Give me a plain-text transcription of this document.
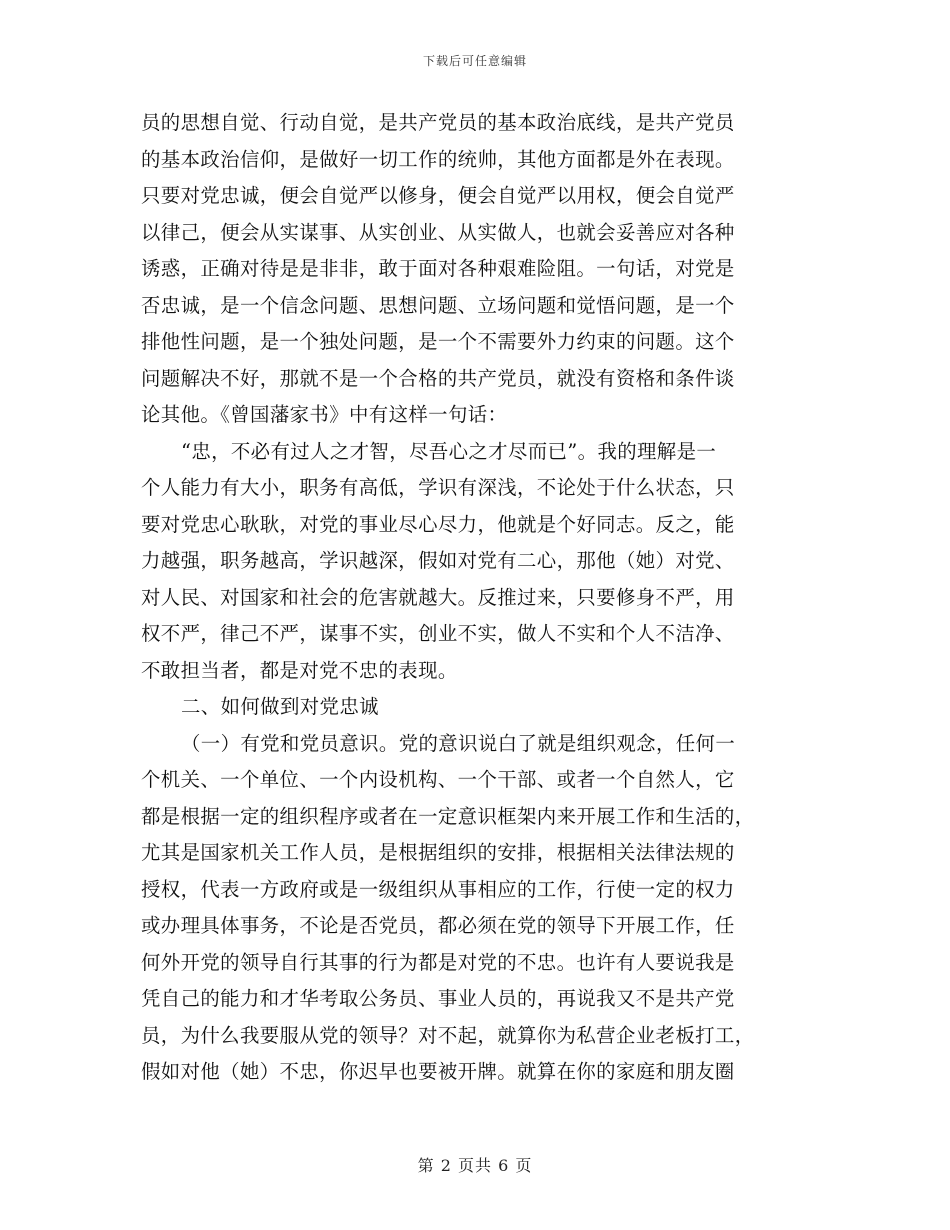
下载后可任意编辑
员的思想自觉、行动自觉，是共产党员的基本政治底线，是共产党员
的基本政治信仰，是做好一切工作的统帅，其他方面都是外在表现。
只要对党忠诚，便会自觉严以修身，便会自觉严以用权，便会自觉严
以律己，便会从实谋事、从实创业、从实做人，也就会妥善应对各种
诱惑，正确对待是是非非，敢于面对各种艰难险阻。一句话，对党是
否忠诚，是一个信念问题、思想问题、立场问题和觉悟问题，是一个
排他性问题，是一个独处问题，是一个不需要外力约束的问题。这个
问题解决不好，那就不是一个合格的共产党员，就没有资格和条件谈
论其他。《曾国藩家书》中有这样一句话：
“忠，不必有过人之才智，尽吾心之才尽而已”。我的理解是一
个人能力有大小，职务有高低，学识有深浅，不论处于什么状态，只
要对党忠心耿耿，对党的事业尽心尽力，他就是个好同志。反之，能
力越强，职务越高，学识越深，假如对党有二心，那他（她）对党、
对人民、对国家和社会的危害就越大。反推过来，只要修身不严，用
权不严，律己不严，谋事不实，创业不实，做人不实和个人不洁净、
不敢担当者，都是对党不忠的表现。
二、如何做到对党忠诚
（一）有党和党员意识。党的意识说白了就是组织观念，任何一
个机关、一个单位、一个内设机构、一个干部、或者一个自然人，它
都是根据一定的组织程序或者在一定意识框架内来开展工作和生活的，
尤其是国家机关工作人员，是根据组织的安排，根据相关法律法规的
授权，代表一方政府或是一级组织从事相应的工作，行使一定的权力
或办理具体事务，不论是否党员，都必须在党的领导下开展工作，任
何外开党的领导自行其事的行为都是对党的不忠。也许有人要说我是
凭自己的能力和才华考取公务员、事业人员的，再说我又不是共产党
员，为什么我要服从党的领导？对不起，就算你为私营企业老板打工，
假如对他（她）不忠，你迟早也要被开牌。就算在你的家庭和朋友圈
第 2 页共 6 页
